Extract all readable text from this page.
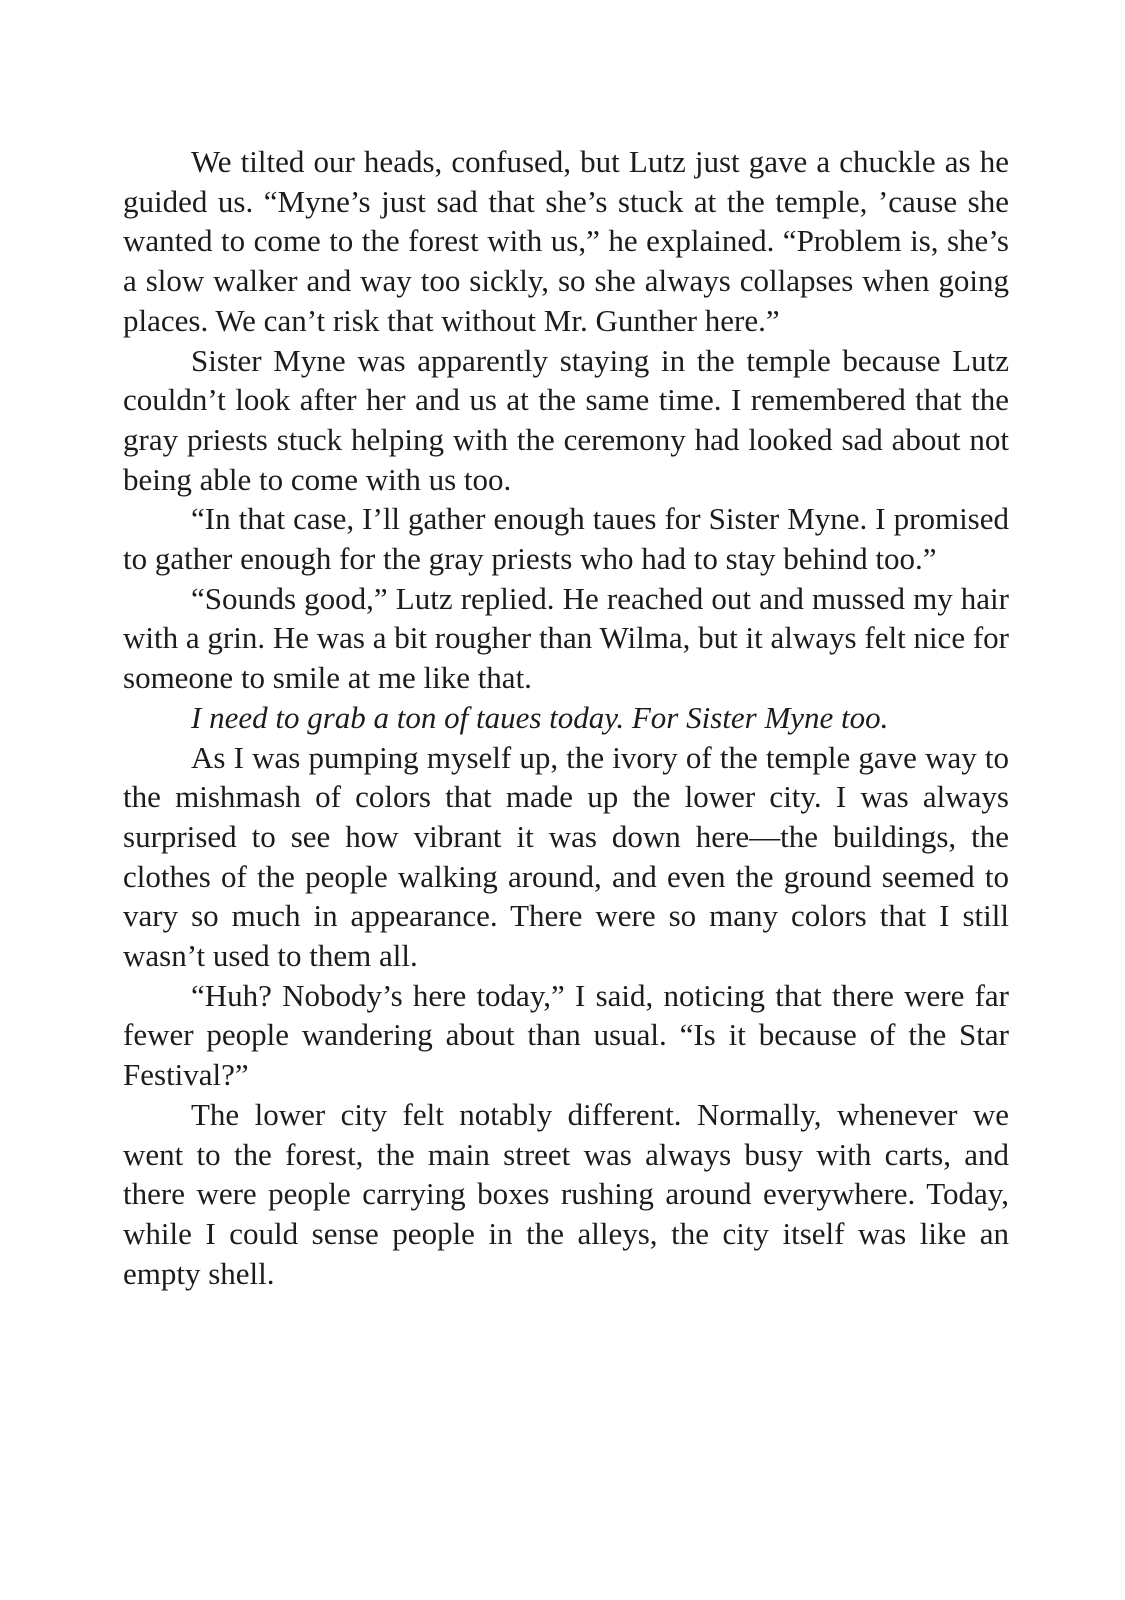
We tilted our heads, confused, but Lutz just gave a chuckle as he guided us. “Myne’s just sad that she’s stuck at the temple, ’cause she wanted to come to the forest with us,” he explained. “Problem is, she’s a slow walker and way too sickly, so she always collapses when going places. We can’t risk that without Mr. Gunther here.”

Sister Myne was apparently staying in the temple because Lutz couldn’t look after her and us at the same time. I remembered that the gray priests stuck helping with the ceremony had looked sad about not being able to come with us too.

“In that case, I’ll gather enough taues for Sister Myne. I promised to gather enough for the gray priests who had to stay behind too.”

“Sounds good,” Lutz replied. He reached out and mussed my hair with a grin. He was a bit rougher than Wilma, but it always felt nice for someone to smile at me like that.

I need to grab a ton of taues today. For Sister Myne too.

As I was pumping myself up, the ivory of the temple gave way to the mishmash of colors that made up the lower city. I was always surprised to see how vibrant it was down here—the buildings, the clothes of the people walking around, and even the ground seemed to vary so much in appearance. There were so many colors that I still wasn’t used to them all.

“Huh? Nobody’s here today,” I said, noticing that there were far fewer people wandering about than usual. “Is it because of the Star Festival?”

The lower city felt notably different. Normally, whenever we went to the forest, the main street was always busy with carts, and there were people carrying boxes rushing around everywhere. Today, while I could sense people in the alleys, the city itself was like an empty shell.
